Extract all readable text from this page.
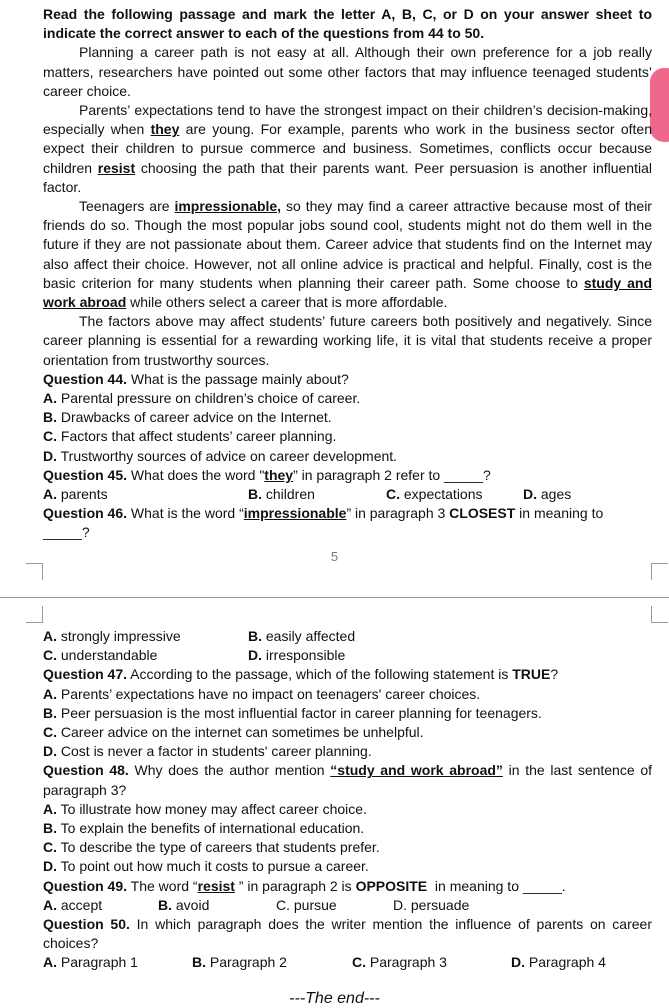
Read the following passage and mark the letter A, B, C, or D on your answer sheet to indicate the correct answer to each of the questions from 44 to 50.

Planning a career path is not easy at all. Although their own preference for a job really matters, researchers have pointed out some other factors that may influence teenaged students’ career choice.

Parents’ expectations tend to have the strongest impact on their children’s decision-making, especially when they are young. For example, parents who work in the business sector often expect their children to pursue commerce and business. Sometimes, conflicts occur because children resist choosing the path that their parents want. Peer persuasion is another influential factor.

Teenagers are impressionable, so they may find a career attractive because most of their friends do so. Though the most popular jobs sound cool, students might not do them well in the future if they are not passionate about them. Career advice that students find on the Internet may also affect their choice. However, not all online advice is practical and helpful. Finally, cost is the basic criterion for many students when planning their career path. Some choose to study and work abroad while others select a career that is more affordable.

The factors above may affect students’ future careers both positively and negatively. Since career planning is essential for a rewarding working life, it is vital that students receive a proper orientation from trustworthy sources.

Question 44. What is the passage mainly about?

A. Parental pressure on children’s choice of career.

B. Drawbacks of career advice on the Internet.

C. Factors that affect students’ career planning.

D. Trustworthy sources of advice on career development.

Question 45. What does the word "they” in paragraph 2 refer to _____?

A. parents	B. children	C. expectations	D. ages

Question 46. What is the word “impressionable” in paragraph 3 CLOSEST in meaning to

_____?

5
A. strongly impressive	B. easily affected
C. understandable	D. irresponsible

Question 47. According to the passage, which of the following statement is TRUE?

A. Parents’ expectations have no impact on teenagers' career choices.

B. Peer persuasion is the most influential factor in career planning for teenagers.

C. Career advice on the internet can sometimes be unhelpful.

D. Cost is never a factor in students' career planning.

Question 48. Why does the author mention “study and work abroad” in the last sentence of paragraph 3?

A. To illustrate how money may affect career choice.

B. To explain the benefits of international education.

C. To describe the type of careers that students prefer.

D. To point out how much it costs to pursue a career.

Question 49. The word “resist ” in paragraph 2 is OPPOSITE  in meaning to _____.

A. accept	B. avoid	C. pursue	D. persuade

Question 50. In which paragraph does the writer mention the influence of parents on career choices?

A. Paragraph 1	B. Paragraph 2	C. Paragraph 3	D. Paragraph 4
---The end---
